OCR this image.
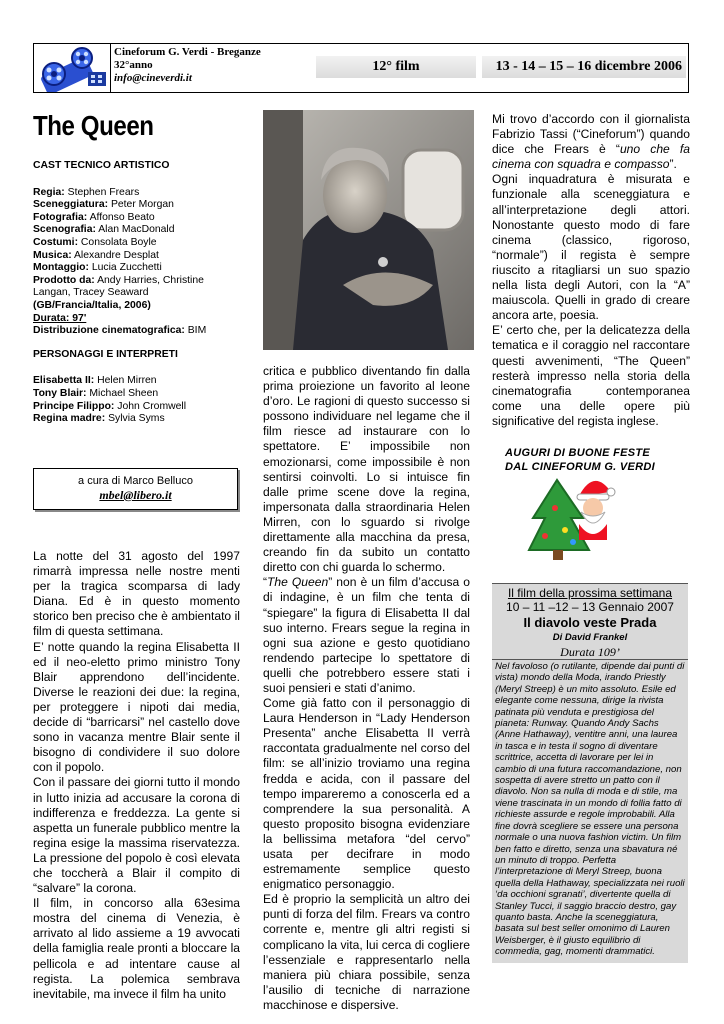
Cineforum G. Verdi - Breganze
32°anno
info@cineverdi.it
12° film	13 - 14 – 15 – 16 dicembre 2006
The Queen
CAST TECNICO ARTISTICO
Regia: Stephen Frears
Sceneggiatura: Peter Morgan
Fotografia: Affonso Beato
Scenografia: Alan MacDonald
Costumi: Consolata Boyle
Musica: Alexandre Desplat
Montaggio: Lucia Zucchetti
Prodotto da: Andy Harries, Christine Langan, Tracey Seaward
(GB/Francia/Italia, 2006)
Durata: 97'
Distribuzione cinematografica: BIM
PERSONAGGI E INTERPRETI
Elisabetta II: Helen Mirren
Tony Blair: Michael Sheen
Principe Filippo: John Cromwell
Regina madre: Sylvia Syms
a cura di Marco Belluco
mbel@libero.it

La notte del 31 agosto del 1997 rimarrà impressa nelle nostre menti per la tragica scomparsa di lady Diana. Ed è in questo momento storico ben preciso che è ambientato il film di questa settimana.

E’ notte quando la regina Elisabetta II ed il neo-eletto primo ministro Tony Blair apprendono dell’incidente. Diverse le reazioni dei due: la regina, per proteggere i nipoti dai media, decide di “barricarsi” nel castello dove sono in vacanza mentre Blair sente il bisogno di condividere il suo dolore con il popolo.

Con il passare dei giorni tutto il mondo in lutto inizia ad accusare la corona di indifferenza e freddezza. La gente si aspetta un funerale pubblico mentre la regina esige la massima riservatezza. La pressione del popolo è così elevata che toccherà a Blair il compito di “salvare” la corona.

Il film, in concorso alla 63esima mostra del cinema di Venezia, è arrivato al lido assieme a 19 avvocati della famiglia reale pronti a bloccare la pellicola e ad intentare cause al regista. La polemica sembrava inevitabile, ma invece il film ha unito

critica e pubblico diventando fin dalla prima proiezione un favorito al leone d’oro. Le ragioni di questo successo si possono individuare nel legame che il film riesce ad instaurare con lo spettatore. E’ impossibile non emozionarsi, come impossibile è non sentirsi coinvolti. Lo si intuisce fin dalle prime scene dove la regina, impersonata dalla straordinaria Helen Mirren, con lo sguardo si rivolge direttamente alla macchina da presa, creando fin da subito un contatto diretto con chi guarda lo schermo.

“The Queen” non è un film d’accusa o di indagine, è un film che tenta di “spiegare” la figura di Elisabetta II dal suo interno. Frears segue la regina in ogni sua azione e gesto quotidiano rendendo partecipe lo spettatore di quelli che potrebbero essere stati i suoi pensieri e stati d’animo.

Come già fatto con il personaggio di Laura Henderson in “Lady Henderson Presenta” anche Elisabetta II verrà raccontata gradualmente nel corso del film: se all’inizio troviamo una regina fredda e acida, con il passare del tempo impareremo a conoscerla ed a comprendere la sua personalità. A questo proposito bisogna evidenziare la bellissima metafora “del cervo” usata per decifrare in modo estremamente semplice questo enigmatico personaggio.

Ed è proprio la semplicità un altro dei punti di forza del film. Frears va contro corrente e, mentre gli altri registi si complicano la vita, lui cerca di cogliere l’essenziale e rappresentarlo nella maniera più chiara possibile, senza l’ausilio di tecniche di narrazione macchinose e dispersive.

Mi trovo d’accordo con il giornalista Fabrizio Tassi (“Cineforum”) quando dice che Frears è “uno che fa cinema con squadra e compasso”.

Ogni inquadratura è misurata e funzionale alla sceneggiatura e all’interpretazione degli attori. Nonostante questo modo di fare cinema (classico, rigoroso, “normale”) il regista è sempre riuscito a ritagliarsi un suo spazio nella lista degli Autori, con la “A” maiuscola. Quelli in grado di creare ancora arte, poesia.

E’ certo che, per la delicatezza della tematica e il coraggio nel raccontare questi avvenimenti, “The Queen” resterà impresso nella storia della cinematografia contemporanea come una delle opere più significative del regista inglese.

AUGURI DI BUONE FESTE
DAL CINEFORUM G. VERDI
Il film della prossima settimana
10 – 11 –12 – 13 Gennaio 2007
Il diavolo veste Prada
Di David Frankel
Durata 109’
Nel favoloso (o rutilante, dipende dai punti di vista) mondo della Moda, irando Priestly (Meryl Streep) è un mito assoluto. Esile ed elegante come nessuna, dirige la rivista patinata più venduta e prestigiosa del pianeta: Runway. Quando Andy Sachs (Anne Hathaway), ventitre anni, una laurea in tasca e in testa il sogno di diventare scrittrice, accetta di lavorare per lei in cambio di una futura raccomandazione, non sospetta di avere stretto un patto con il diavolo. Non sa nulla di moda e di stile, ma viene trascinata in un mondo di follia fatto di richieste assurde e regole improbabili. Alla fine dovrà scegliere se essere una persona normale o una nuova fashion victim. Un film ben fatto e diretto, senza una sbavatura né un minuto di troppo. Perfetta l’interpretazione di Meryl Streep, buona quella della Hathaway, specializzata nei ruoli ‘da occhioni sgranati’, divertente quella di Stanley Tucci, il saggio braccio destro, gay quanto basta. Anche la sceneggiatura, basata sul best seller omonimo di Lauren Weisberger, è il giusto equilibrio di commedia, gag, momenti drammatici.
